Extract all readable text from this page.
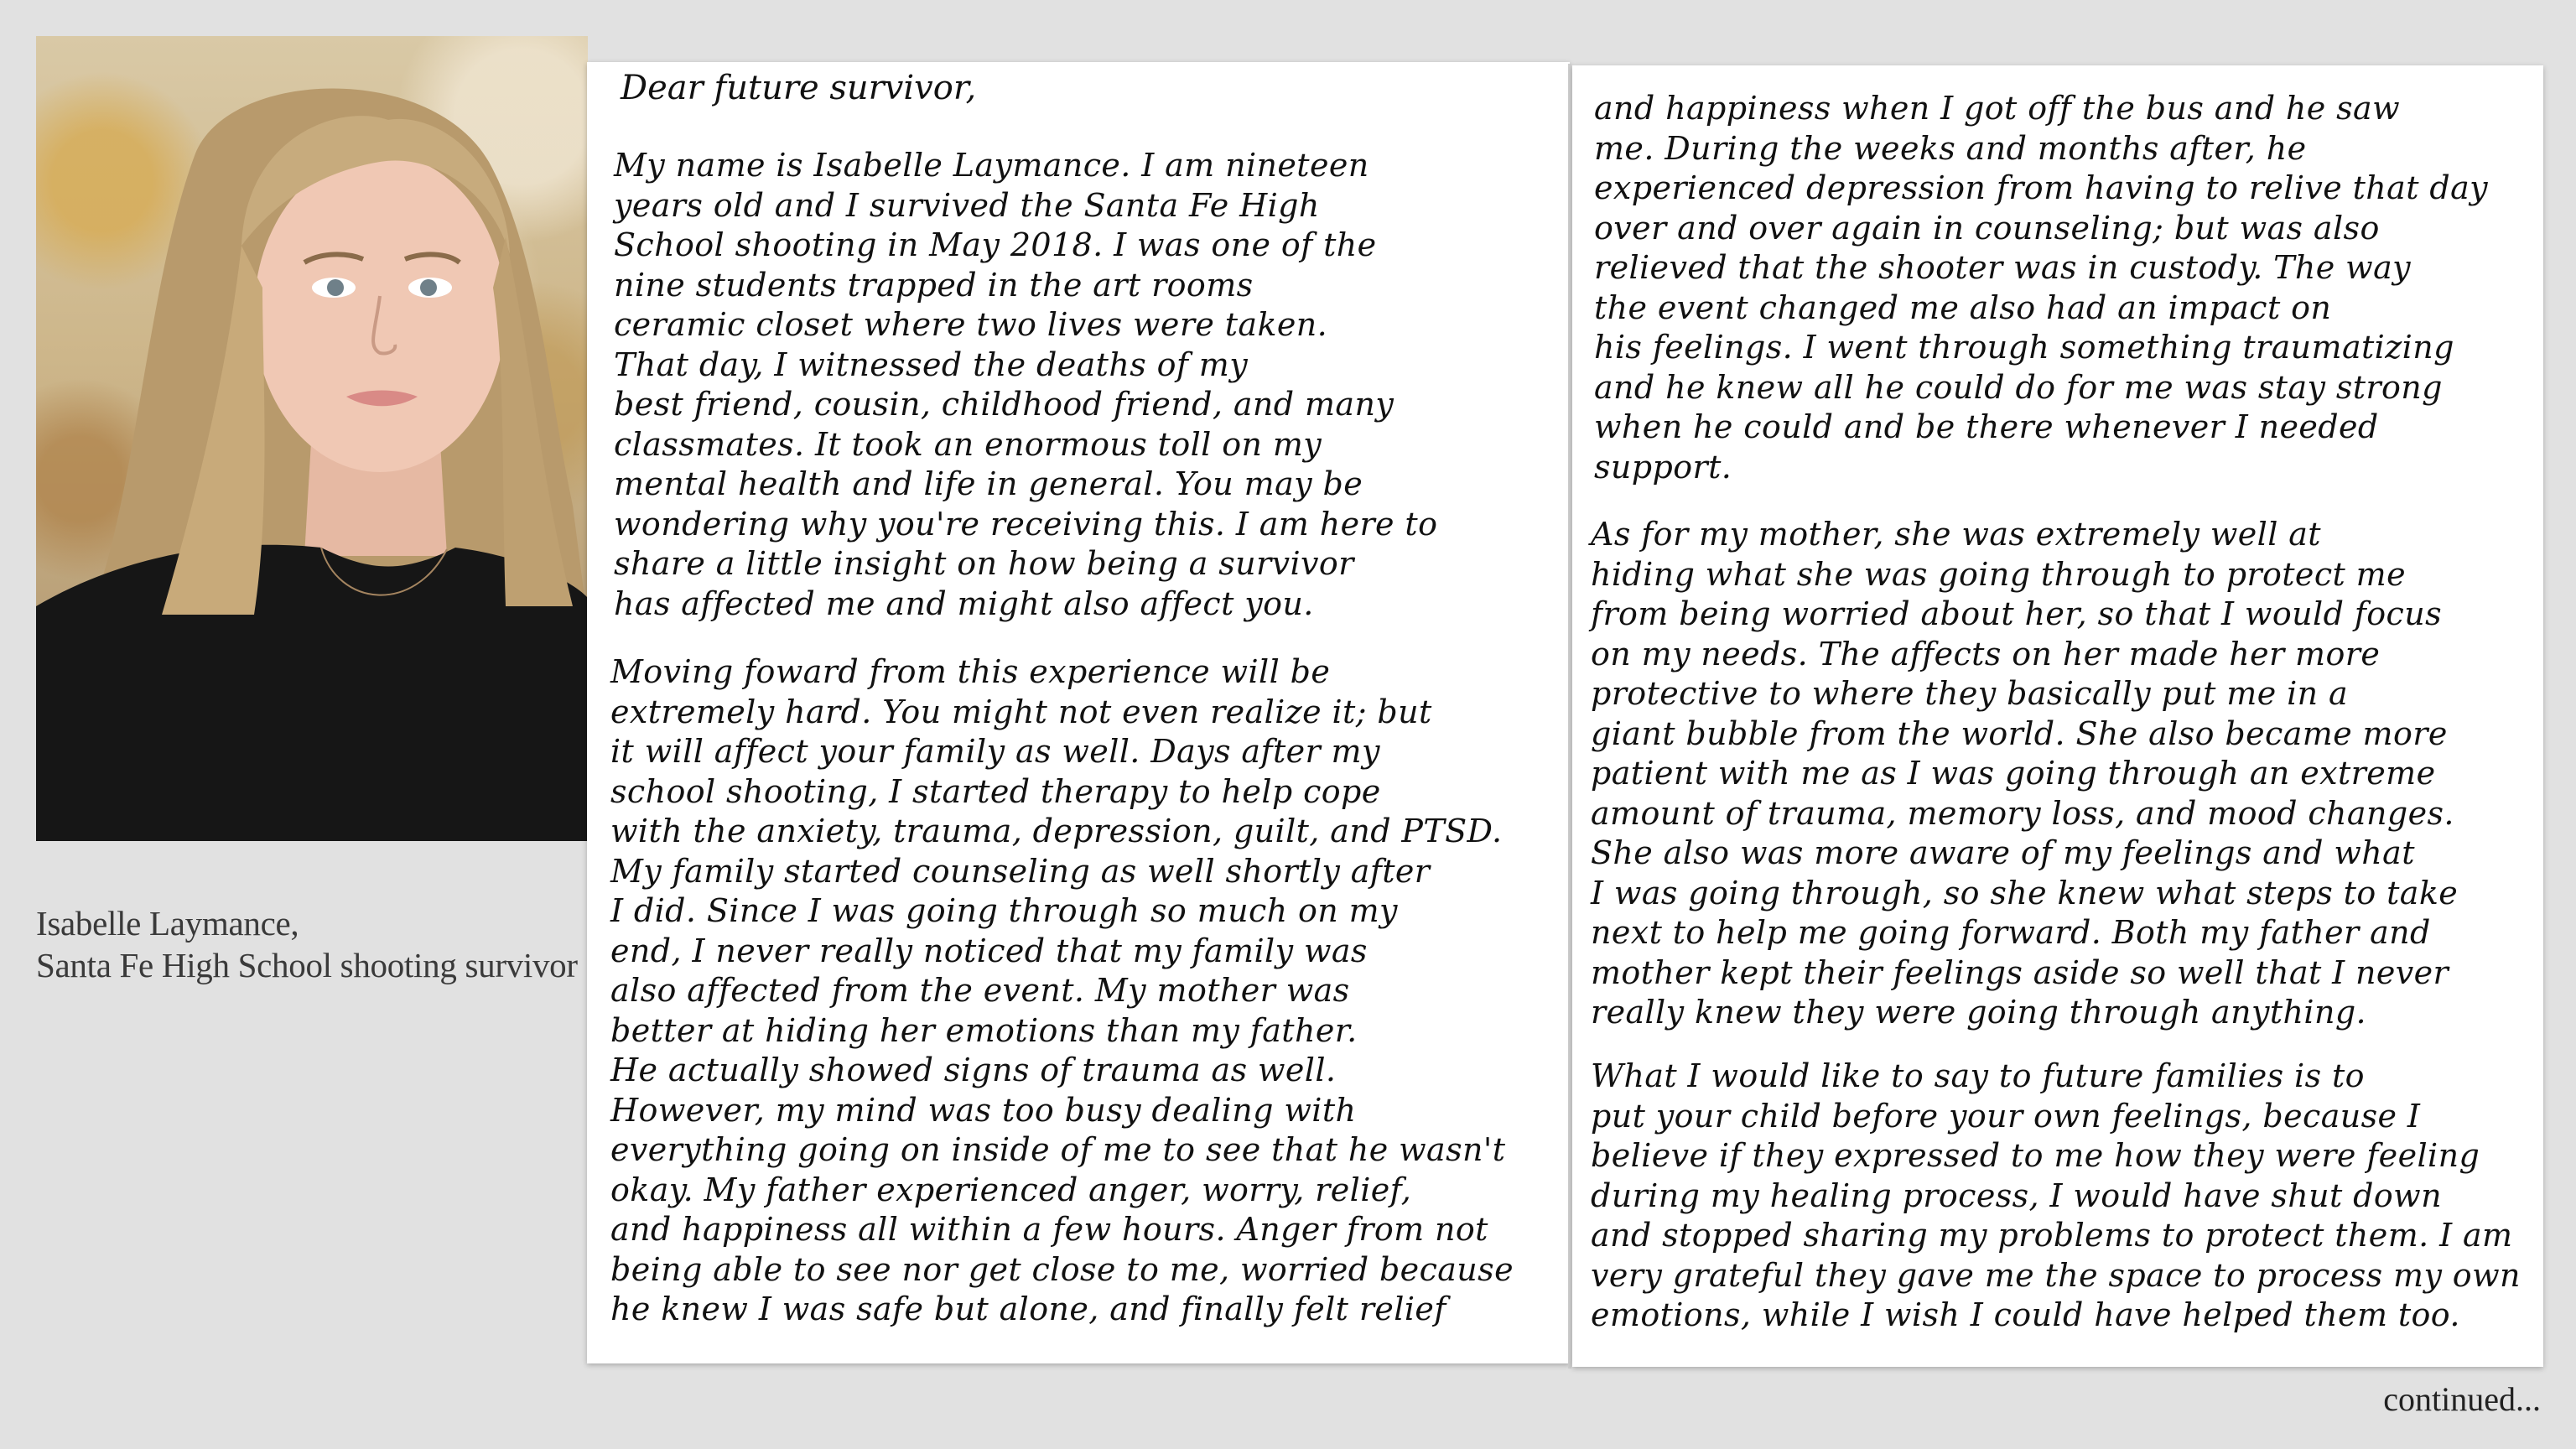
Isabelle Laymance,
Santa Fe High School shooting survivor
Dear future survivor,
My name is Isabelle Laymance. I am nineteen
years old and I survived the Santa Fe High
School shooting in May 2018. I was one of the
nine students trapped in the art rooms
ceramic closet where two lives were taken.
That day, I witnessed the deaths of my
best friend, cousin, childhood friend, and many
classmates. It took an enormous toll on my
mental health and life in general. You may be
wondering why you're receiving this. I am here to
share a little insight on how being a survivor
has affected me and might also affect you.
Moving foward from this experience will be
extremely hard. You might not even realize it; but
it will affect your family as well. Days after my
school shooting, I started therapy to help cope
with the anxiety, trauma, depression, guilt, and PTSD.
My family started counseling as well shortly after
I did. Since I was going through so much on my
end, I never really noticed that my family was
also affected from the event. My mother was
better at hiding her emotions than my father.
He actually showed signs of trauma as well.
However, my mind was too busy dealing with
everything going on inside of me to see that he wasn't
okay. My father experienced anger, worry, relief,
and happiness all within a few hours. Anger from not
being able to see nor get close to me, worried because
he knew I was safe but alone, and finally felt relief
and happiness when I got off the bus and he saw
me. During the weeks and months after, he
experienced depression from having to relive that day
over and over again in counseling; but was also
relieved that the shooter was in custody. The way
the event changed me also had an impact on
his feelings. I went through something traumatizing
and he knew all he could do for me was stay strong
when he could and be there whenever I needed
support.
As for my mother, she was extremely well at
hiding what she was going through to protect me
from being worried about her, so that I would focus
on my needs. The affects on her made her more
protective to where they basically put me in a
giant bubble from the world. She also became more
patient with me as I was going through an extreme
amount of trauma, memory loss, and mood changes.
She also was more aware of my feelings and what
I was going through, so she knew what steps to take
next to help me going forward. Both my father and
mother kept their feelings aside so well that I never
really knew they were going through anything.
What I would like to say to future families is to
put your child before your own feelings, because I
believe if they expressed to me how they were feeling
during my healing process, I would have shut down
and stopped sharing my problems to protect them. I am
very grateful they gave me the space to process my own
emotions, while I wish I could have helped them too.
continued...
